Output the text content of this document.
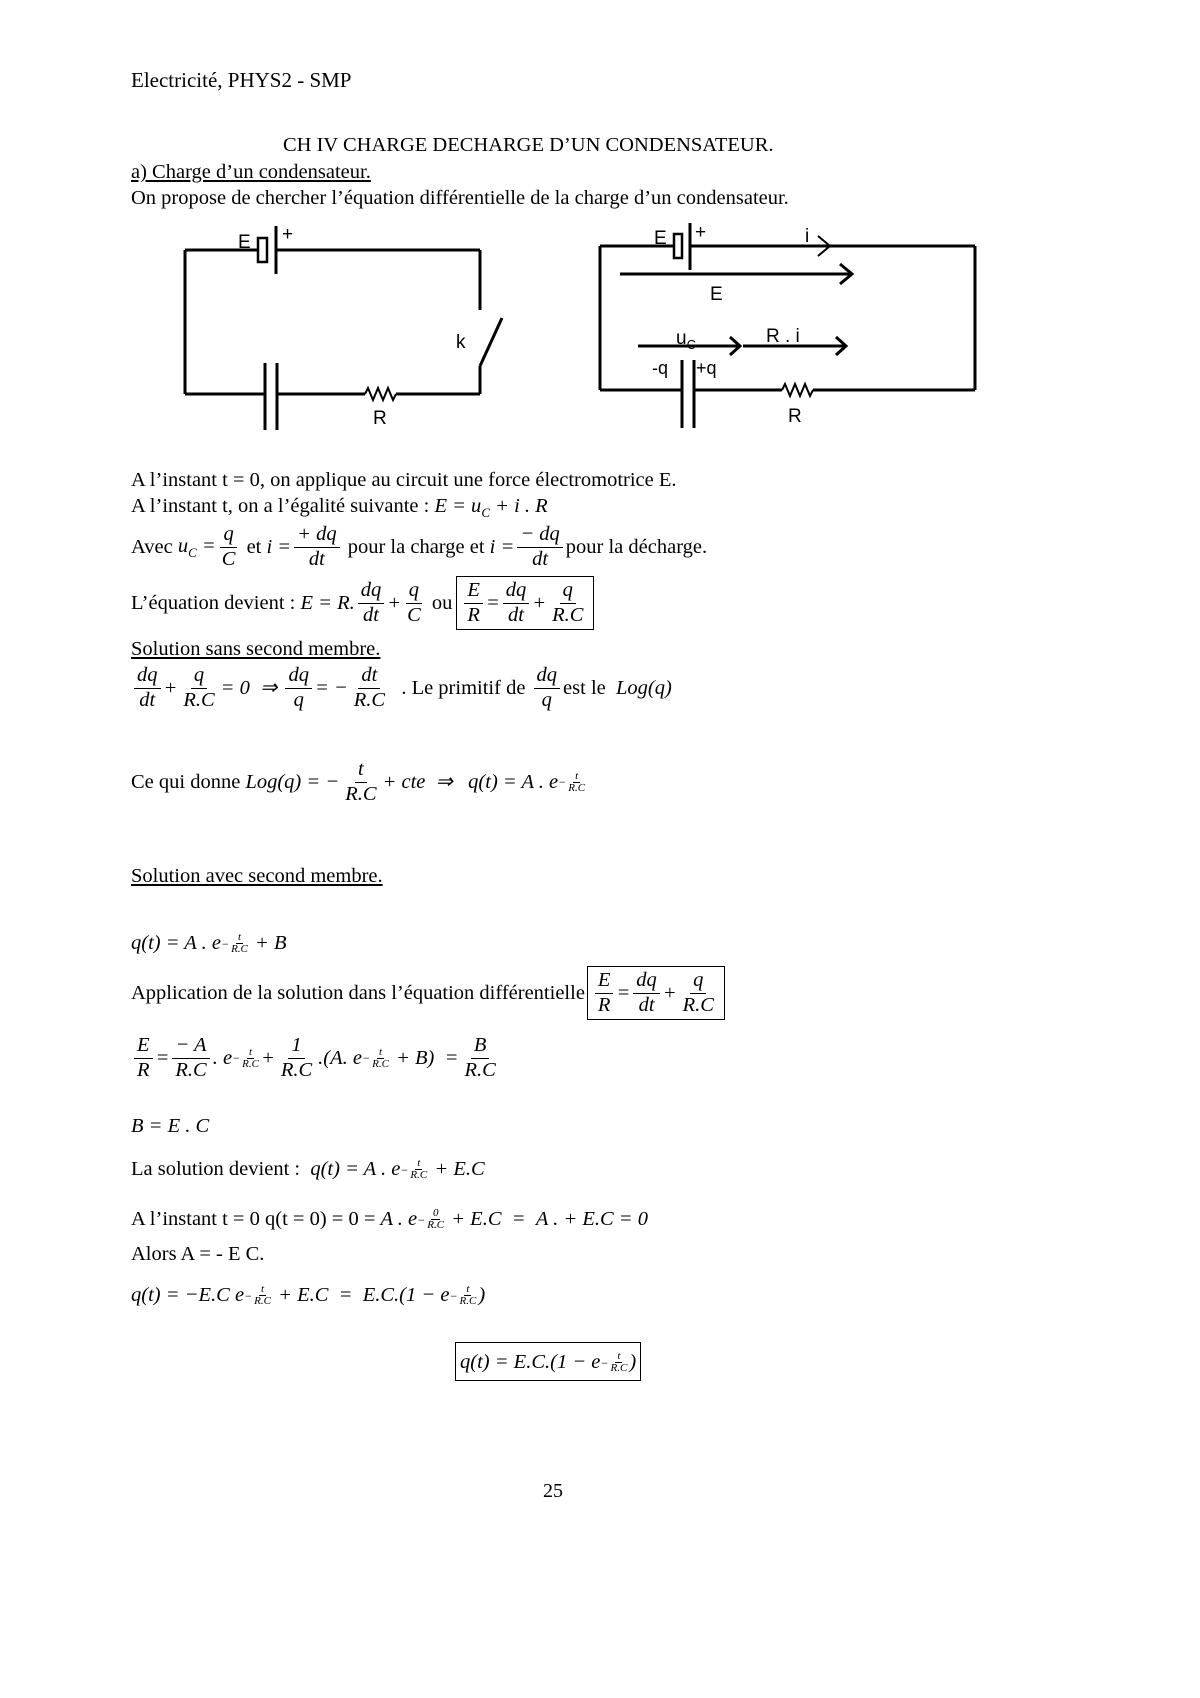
Electricité, PHYS2 - SMP
CH IV CHARGE DECHARGE D’UN CONDENSATEUR.
a) Charge d’un condensateur.
On propose de chercher l’équation différentielle de la charge d’un condensateur.
E +
k
R
E +	i
E
$u_C$	R . i
-q +q
R
A l’instant t = 0, on applique au circuit une force électromotrice E.
A l’instant t, on a l’égalité suivante : $E = u_C + i$ . R
Avec
$u_C = \frac{q}{C}$ et $i = \frac{+ dq}{dt}$
pour la charge et
$i = \frac{- dq}{dt}$ pour la décharge.
L’équation devient :
E = R. $\frac{dq}{dt} + \frac{q}{C}$
ou $\frac{E}{R} = \frac{dq}{dt} + \frac{q}{R.C}$
Solution sans second membre.
$\frac{dq}{dt} + \frac{q}{R.C} = 0$  ⇒ $\frac{dq}{q}$ = − $\frac{dt}{R.C}$
. Le primitif de
$\frac{dq}{q}$ est le
Log(q)
Ce qui donne
Log(q) = − $\frac{t}{R.C}$ + cte  ⇒   q(t) = A . e − t
R.C
Solution avec second membre.
q(t) = A . e − t
R.C + B
Application de la solution dans l’équation différentielle $\frac{E}{R} = \frac{dq}{dt} + \frac{q}{R.C}$
$\frac{E}{R} = \frac{- A}{R.C}$ . e − t
$R.C + \frac{1}{R.C} .(A$. e − t
$R.C + B) = \frac{B}{R.C}$
B = E . C
La solution devient :
q(t) = A . e − t
R.C + E.C
A l’instant t = 0 q(t = 0) = 0 = A . e − 0
R.C + E.C  =  A . + E.C = 0
Alors A = - E C.
q(t) = −E.C e − t
R.C + E.C  =  E.C.(1 − e − t
R.C )
q(t) = E.C.(1 − e − t
R.C )
25
